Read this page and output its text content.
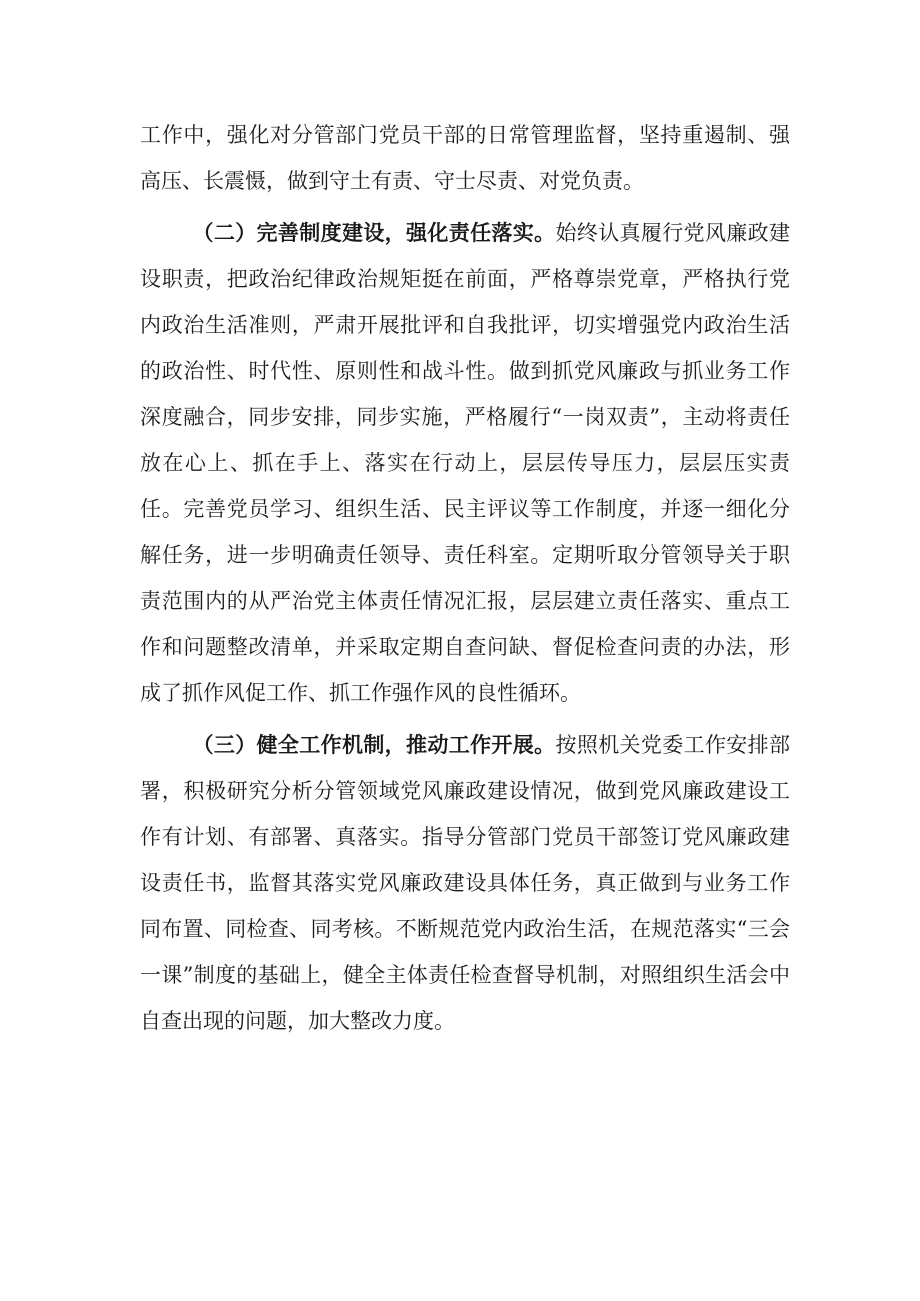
工作中，强化对分管部门党员干部的日常管理监督，坚持重遏制、强高压、长震慑，做到守土有责、守士尽责、对党负责。

（二）完善制度建设，强化责任落实。始终认真履行党风廉政建设职责，把政治纪律政治规矩挺在前面，严格尊崇党章，严格执行党内政治生活准则，严肃开展批评和自我批评，切实增强党内政治生活的政治性、时代性、原则性和战斗性。做到抓党风廉政与抓业务工作深度融合，同步安排，同步实施，严格履行“一岗双责”，主动将责任放在心上、抓在手上、落实在行动上，层层传导压力，层层压实责任。完善党员学习、组织生活、民主评议等工作制度，并逐一细化分解任务，进一步明确责任领导、责任科室。定期听取分管领导关于职责范围内的从严治党主体责任情况汇报，层层建立责任落实、重点工作和问题整改清单，并采取定期自查问缺、督促检查问责的办法，形成了抓作风促工作、抓工作强作风的良性循环。

（三）健全工作机制，推动工作开展。按照机关党委工作安排部署，积极研究分析分管领域党风廉政建设情况，做到党风廉政建设工作有计划、有部署、真落实。指导分管部门党员干部签订党风廉政建设责任书，监督其落实党风廉政建设具体任务，真正做到与业务工作同布置、同检查、同考核。不断规范党内政治生活，在规范落实“三会一课”制度的基础上，健全主体责任检查督导机制，对照组织生活会中自查出现的问题，加大整改力度。
